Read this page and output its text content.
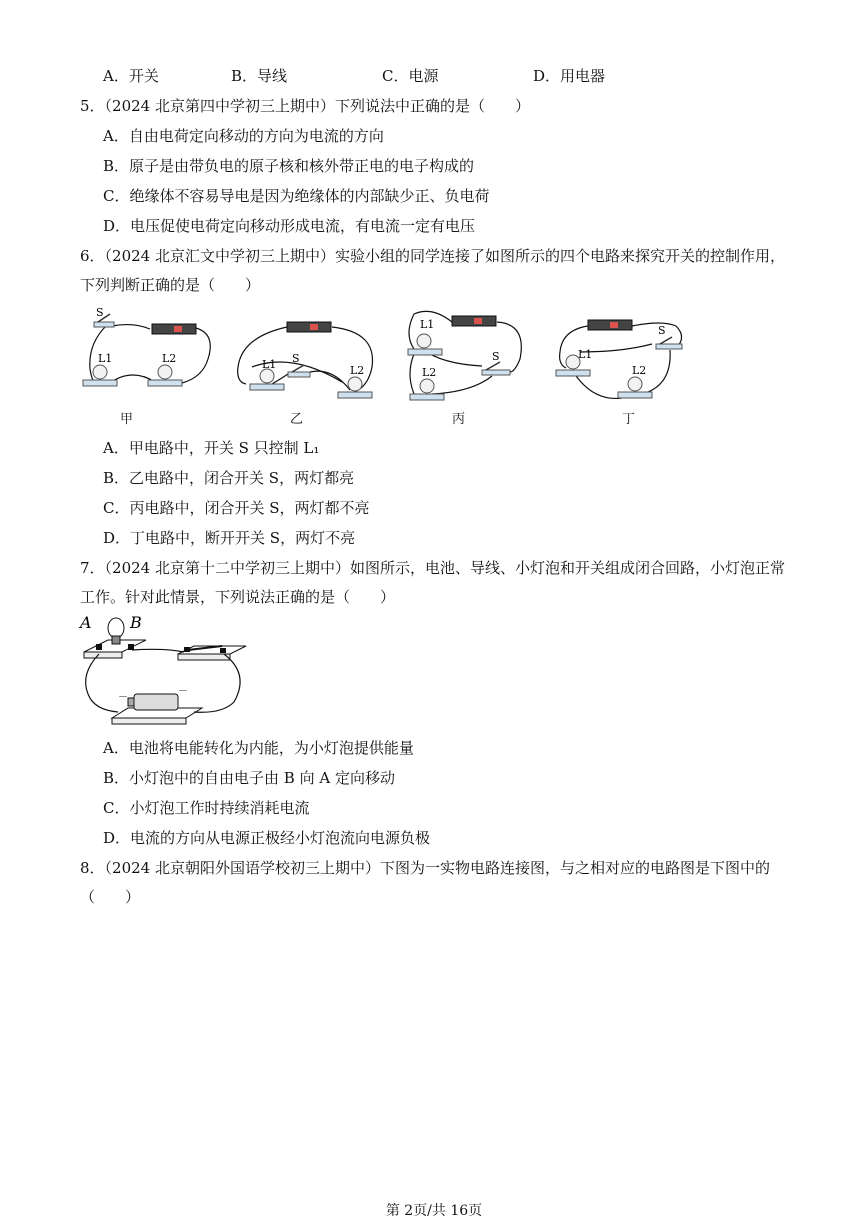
A．开关	B．导线	C．电源	D．用电器
5．（2024 北京第四中学初三上期中）下列说法中正确的是（　　）
A．自由电荷定向移动的方向为电流的方向
B．原子是由带负电的原子核和核外带正电的电子构成的
C．绝缘体不容易导电是因为绝缘体的内部缺少正、负电荷
D．电压促使电荷定向移动形成电流，有电流一定有电压
6．（2024 北京汇文中学初三上期中）实验小组的同学连接了如图所示的四个电路来探究开关的控制作用，
下列判断正确的是（　　）
S
L1	L2	S
L1	L2
L1
S
L2
S
L1
L2
甲	乙	丙	丁
A．甲电路中，开关 S 只控制 L₁
B．乙电路中，闭合开关 S，两灯都亮
C．丙电路中，闭合开关 S，两灯都不亮
D．丁电路中，断开开关 S，两灯不亮
7．（2024 北京第十二中学初三上期中）如图所示，电池、导线、小灯泡和开关组成闭合回路，小灯泡正常
工作。针对此情景，下列说法正确的是（　　）
A B
－
－
A．电池将电能转化为内能，为小灯泡提供能量
B．小灯泡中的自由电子由 B 向 A 定向移动
C．小灯泡工作时持续消耗电流
D．电流的方向从电源正极经小灯泡流向电源负极
8．（2024 北京朝阳外国语学校初三上期中）下图为一实物电路连接图，与之相对应的电路图是下图中的
（　　）
第 2页/共 16页
